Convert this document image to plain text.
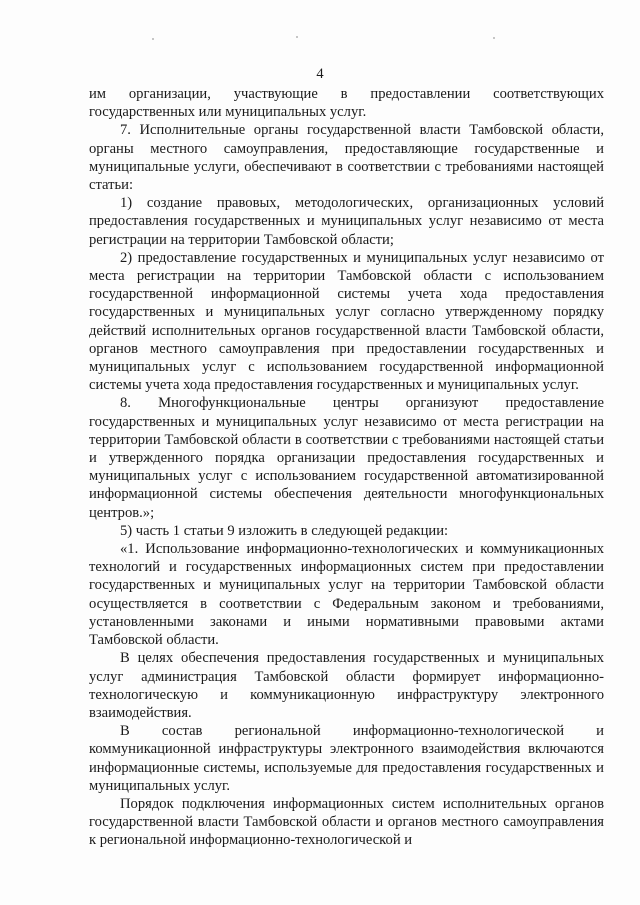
4

им организации, участвующие в предоставлении соответствующих государственных или муниципальных услуг.

7. Исполнительные органы государственной власти Тамбовской области, органы местного самоуправления, предоставляющие государственные и муниципальные услуги, обеспечивают в соответствии с требованиями настоящей статьи:

1) создание правовых, методологических, организационных условий предоставления государственных и муниципальных услуг независимо от места регистрации на территории Тамбовской области;

2) предоставление государственных и муниципальных услуг независимо от места регистрации на территории Тамбовской области с использованием государственной информационной системы учета хода предоставления государственных и муниципальных услуг согласно утвержденному порядку действий исполнительных органов государственной власти Тамбовской области, органов местного самоуправления при предоставлении государственных и муниципальных услуг с использованием государственной информационной системы учета хода предоставления государственных и муниципальных услуг.

8. Многофункциональные центры организуют предоставление государственных и муниципальных услуг независимо от места регистрации на территории Тамбовской области в соответствии с требованиями настоящей статьи и утвержденного порядка организации предоставления государственных и муниципальных услуг с использованием государственной автоматизированной информационной системы обеспечения деятельности многофункциональных центров.»;

5) часть 1 статьи 9 изложить в следующей редакции:

«1. Использование информационно-технологических и коммуникационных технологий и государственных информационных систем при предоставлении государственных и муниципальных услуг на территории Тамбовской области осуществляется в соответствии с Федеральным законом и требованиями, установленными законами и иными нормативными правовыми актами Тамбовской области.

В целях обеспечения предоставления государственных и муниципальных услуг администрация Тамбовской области формирует информационно-технологическую и коммуникационную инфраструктуру электронного взаимодействия.

В состав региональной информационно-технологической и коммуникационной инфраструктуры электронного взаимодействия включаются информационные системы, используемые для предоставления государственных и муниципальных услуг.

Порядок подключения информационных систем исполнительных органов государственной власти Тамбовской области и органов местного самоуправления к региональной информационно-технологической и
